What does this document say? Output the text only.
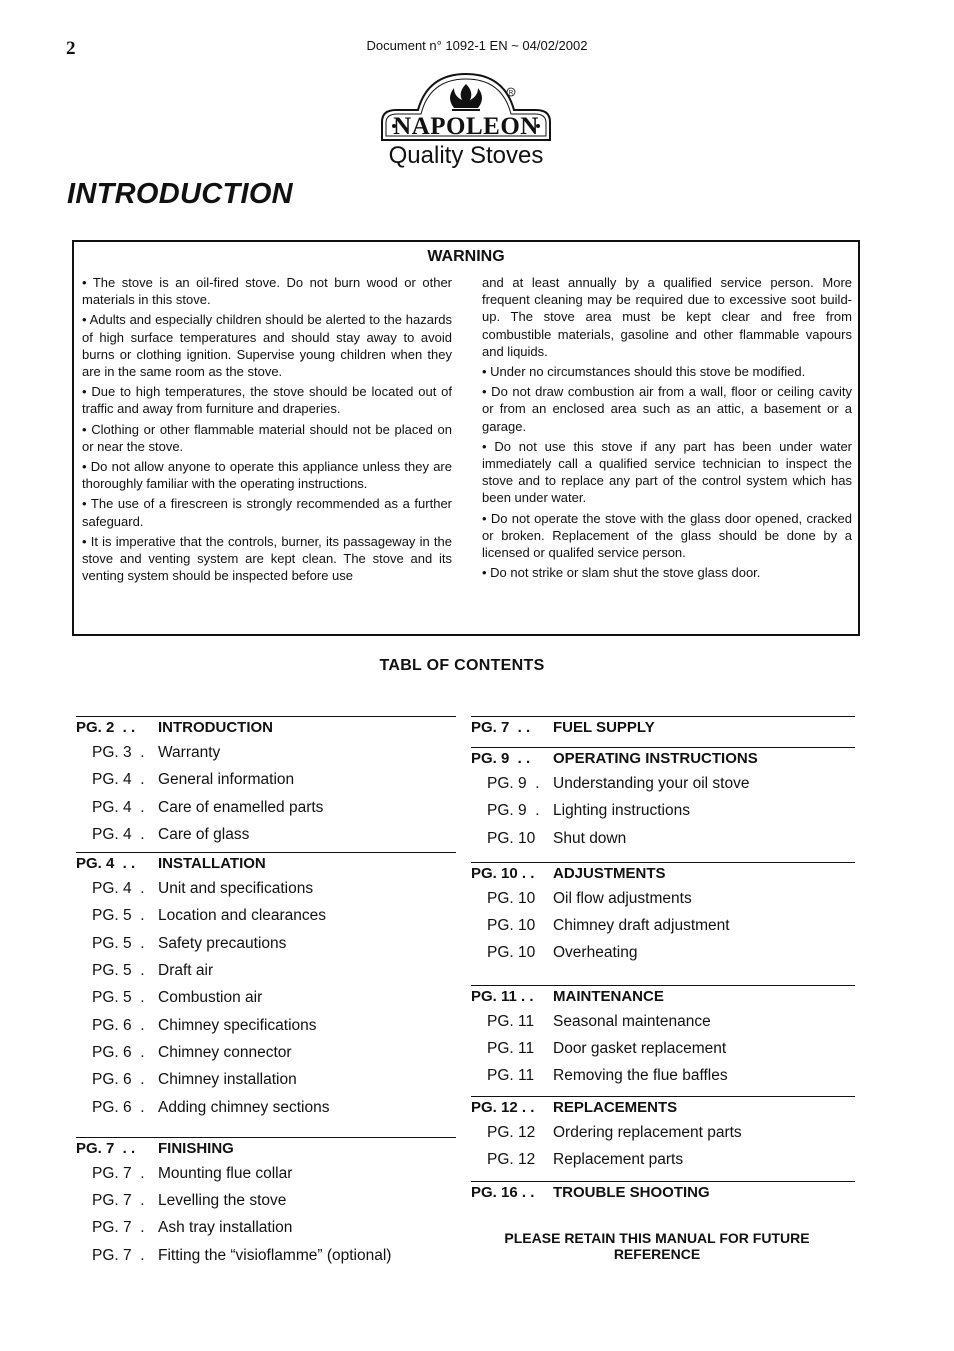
2	Document n° 1092-1 EN ~ 04/02/2002
R
NAPOLEON
Quality Stoves
INTRODUCTION
WARNING

• The stove is an oil-fired stove. Do not burn wood or other materials in this stove.

• Adults and especially children should be alerted to the hazards of high surface temperatures and should stay away to avoid burns or clothing ignition. Supervise young children when they are in the same room as the stove.

• Due to high temperatures, the stove should be located out of traffic and away from furniture and draperies.

• Clothing or other flammable material should not be placed on or near the stove.

• Do not allow anyone to operate this appliance unless they are thoroughly familiar with the operating instructions.

• The use of a firescreen is strongly recommended as a further safeguard.

• It is imperative that the controls, burner, its passageway in the stove and venting system are kept clean. The stove and its venting system should be inspected before use

and at least annually by a qualified service person. More frequent cleaning may be required due to excessive soot build-up. The stove area must be kept clear and free from combustible materials, gasoline and other flammable vapours and liquids.

• Under no circumstances should this stove be modified.

• Do not draw combustion air from a wall, floor or ceiling cavity or from an enclosed area such as an attic, a basement or a garage.

• Do not use this stove if any part has been under water immediately call a qualified service technician to inspect the stove and to replace any part of the control system which has been under water.

• Do not operate the stove with the glass door opened, cracked or broken. Replacement of the glass should be done by a licensed or qualifed service person.

• Do not strike or slam shut the stove glass door.

TABL OF CONTENTS
PG. 2  . .	INTRODUCTION
PG. 3  . Warranty
PG. 4  . General information
PG. 4  . Care of enamelled parts
PG. 4  . Care of glass
PG. 4  . .	INSTALLATION
PG. 4  . Unit and specifications
PG. 5  . Location and clearances
PG. 5  . Safety precautions
PG. 5  . Draft air
PG. 5  . Combustion air
PG. 6  . Chimney specifications
PG. 6  . Chimney connector
PG. 6  . Chimney installation
PG. 6  . Adding chimney sections
PG. 7  . .	FINISHING
PG. 7  . Mounting flue collar
PG. 7  . Levelling the stove
PG. 7  . Ash tray installation
PG. 7  . Fitting the “visioflamme” (optional)
PG. 7  . .	FUEL SUPPLY
PG. 9  . .	OPERATING INSTRUCTIONS
PG. 9  . Understanding your oil stove
PG. 9  . Lighting instructions
PG. 10	Shut down
PG. 10 . .	ADJUSTMENTS
PG. 10	Oil flow adjustments
PG. 10	Chimney draft adjustment
PG. 10	Overheating
PG. 11 . .	MAINTENANCE
PG. 11	Seasonal maintenance
PG. 11	Door gasket replacement
PG. 11	Removing the flue baffles
PG. 12 . .	REPLACEMENTS
PG. 12	Ordering replacement parts
PG. 12	Replacement parts
PG. 16 . .	TROUBLE SHOOTING
PLEASE RETAIN THIS MANUAL FOR FUTURE REFERENCE
